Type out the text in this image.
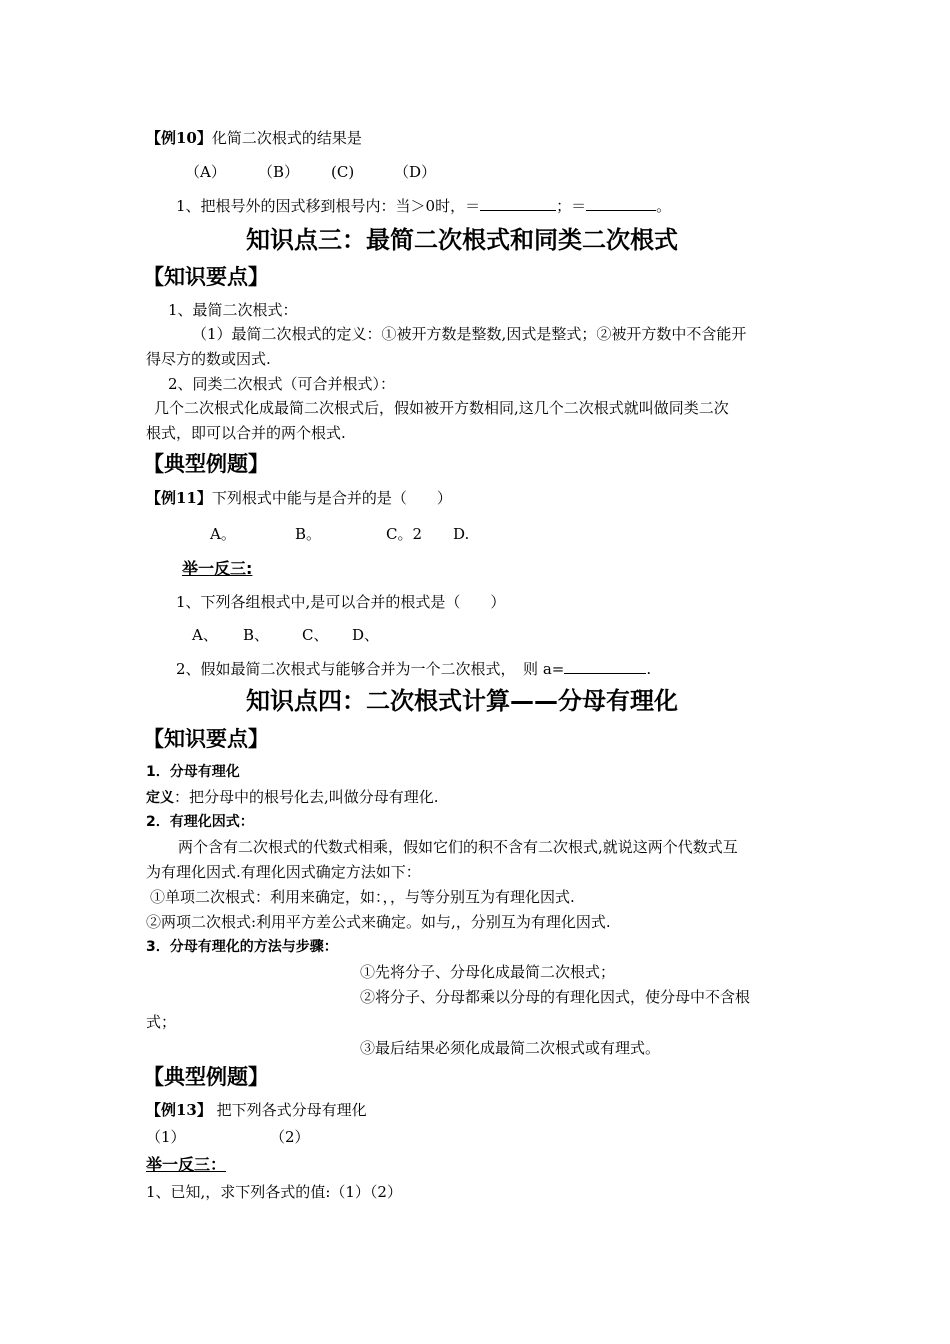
【例10】化简二次根式的结果是
（A） （B） (C)	（D）
1、把根号外的因式移到根号内：当＞0时，＝	；＝	。
知识点三：最简二次根式和同类二次根式
【知识要点】
1、最简二次根式：
（1）最简二次根式的定义：①被开方数是整数,因式是整式；②被开方数中不含能开
得尽方的数或因式.
2、同类二次根式（可合并根式）：
几个二次根式化成最简二次根式后，假如被开方数相同,这几个二次根式就叫做同类二次
根式，即可以合并的两个根式.
【典型例题】
【例11】下列根式中能与是合并的是（　　）
A。	B。	C。2 D.
举一反三:
1、下列各组根式中,是可以合并的根式是（　　）
A、 B、 C、 D、
2、假如最简二次根式与能够合并为一个二次根式，　则 a=	.
知识点四：二次根式计算——分母有理化
【知识要点】
1．分母有理化
定义：把分母中的根号化去,叫做分母有理化.
2．有理化因式：
两个含有二次根式的代数式相乘，假如它们的积不含有二次根式,就说这两个代数式互
为有理化因式.有理化因式确定方法如下：
①单项二次根式：利用来确定，如：，，与等分别互为有理化因式.
②两项二次根式:利用平方差公式来确定。如与,，分别互为有理化因式.
3．分母有理化的方法与步骤：
①先将分子、分母化成最简二次根式；
②将分子、分母都乘以分母的有理化因式，使分母中不含根
式；
③最后结果必须化成最简二次根式或有理式。
【典型例题】
【例13】 把下列各式分母有理化
（1）	（2）
举一反三：
1、已知,，求下列各式的值:（1）（2）
